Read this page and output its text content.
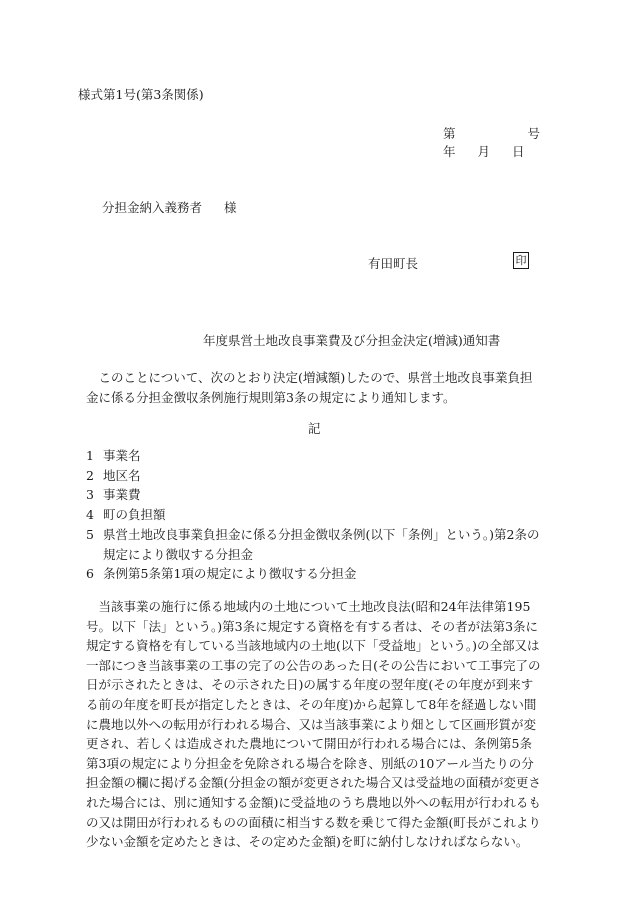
様式第1号(第3条関係)
第	号
年 月 日
分担金納入義務者 様
有田町長	印
年度県営土地改良事業費及び分担金決定(増減)通知書

このことについて、次のとおり決定(増減額)したので、県営土地改良事業負担金に係る分担金徴収条例施行規則第3条の規定により通知します。

記
1 事業名
2 地区名
3 事業費
4 町の負担額
5 県営土地改良事業負担金に係る分担金徴収条例(以下「条例」という。)第2条の規定により徴収する分担金
6 条例第5条第1項の規定により徴収する分担金

当該事業の施行に係る地域内の土地について土地改良法(昭和24年法律第195号。以下「法」という。)第3条に規定する資格を有する者は、その者が法第3条に規定する資格を有している当該地域内の土地(以下「受益地」という。)の全部又は一部につき当該事業の工事の完了の公告のあった日(その公告において工事完了の日が示されたときは、その示された日)の属する年度の翌年度(その年度が到来する前の年度を町長が指定したときは、その年度)から起算して8年を経過しない間に農地以外への転用が行われる場合、又は当該事業により畑として区画形質が変更され、若しくは造成された農地について開田が行われる場合には、条例第5条第3項の規定により分担金を免除される場合を除き、別紙の10アール当たりの分担金額の欄に掲げる金額(分担金の額が変更された場合又は受益地の面積が変更された場合には、別に通知する金額)に受益地のうち農地以外への転用が行われるもの又は開田が行われるものの面積に相当する数を乗じて得た金額(町長がこれより少ない金額を定めたときは、その定めた金額)を町に納付しなければならない。
